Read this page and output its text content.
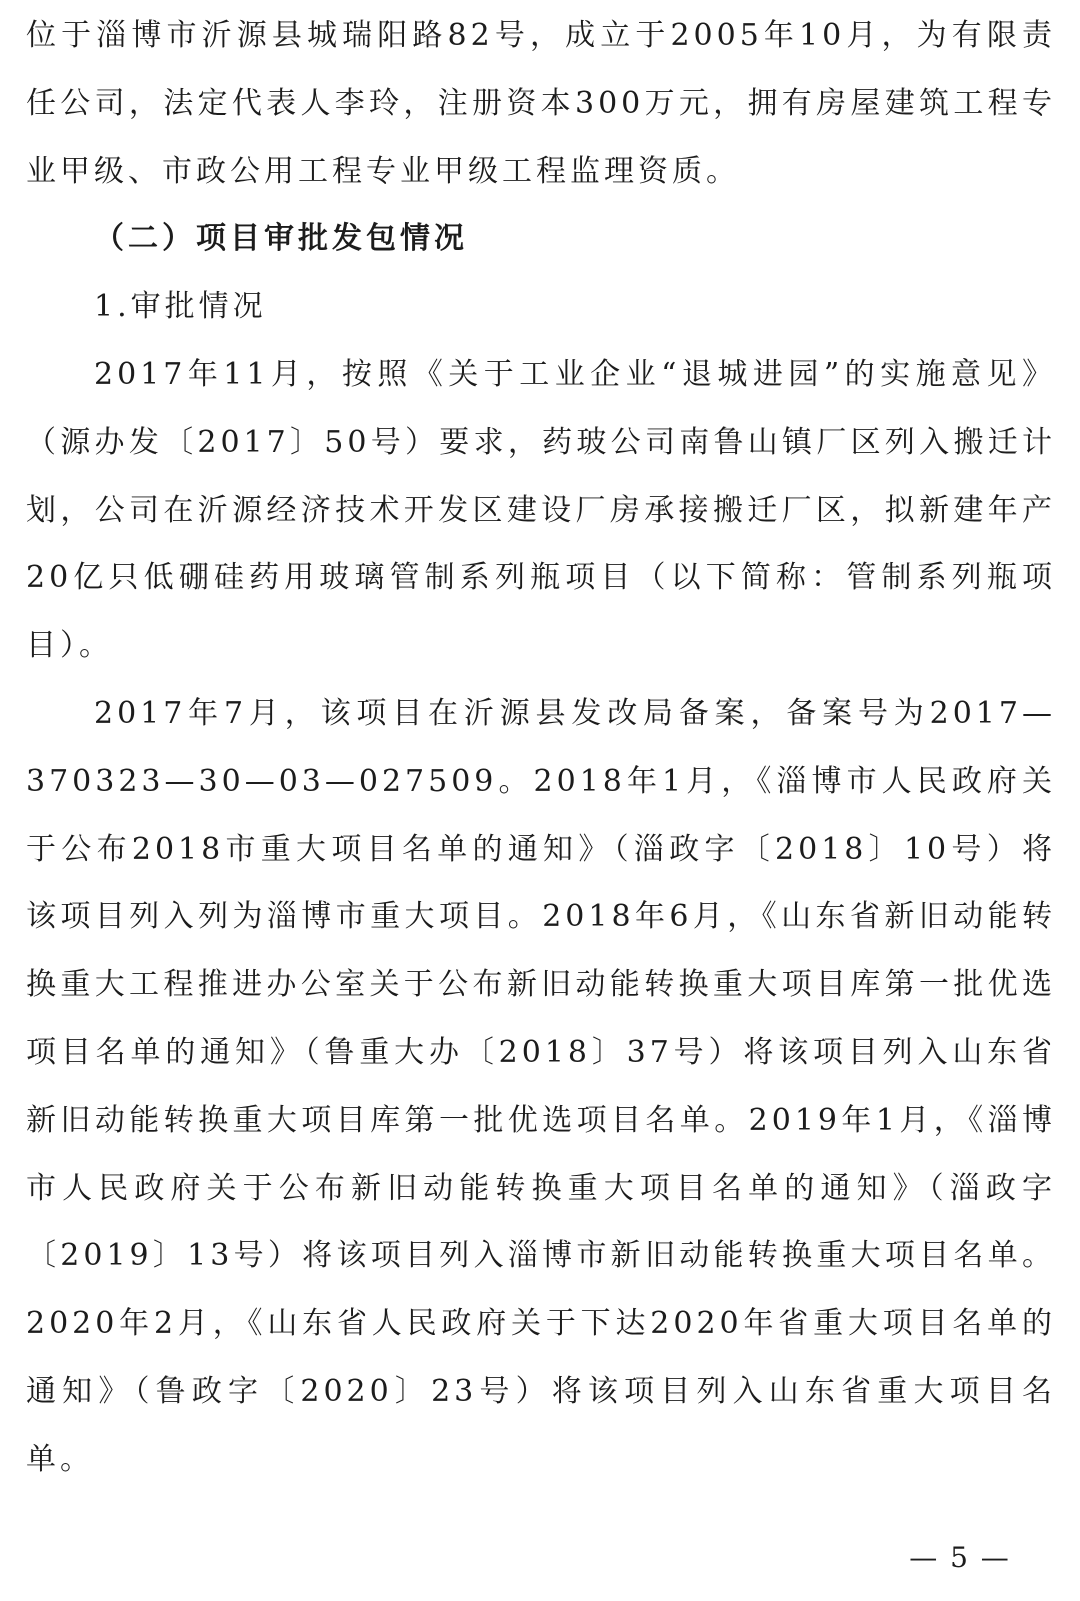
位于淄博市沂源县城瑞阳路82号，成立于2005年10月，为有限责任公司，法定代表人李玲，注册资本300万元，拥有房屋建筑工程专业甲级、市政公用工程专业甲级工程监理资质。

（二）项目审批发包情况

1.审批情况

2017年11月，按照《关于工业企业“退城进园”的实施意见》（源办发〔2017〕50号）要求，药玻公司南鲁山镇厂区列入搬迁计划，公司在沂源经济技术开发区建设厂房承接搬迁厂区，拟新建年产20亿只低硼硅药用玻璃管制系列瓶项目（以下简称：管制系列瓶项目）。

2017年7月，该项目在沂源县发改局备案，备案号为2017—370323—30—03—027509。2018年1月，《淄博市人民政府关于公布2018市重大项目名单的通知》（淄政字〔2018〕10号）将该项目列入列为淄博市重大项目。2018年6月，《山东省新旧动能转换重大工程推进办公室关于公布新旧动能转换重大项目库第一批优选项目名单的通知》（鲁重大办〔2018〕37号）将该项目列入山东省新旧动能转换重大项目库第一批优选项目名单。2019年1月，《淄博市人民政府关于公布新旧动能转换重大项目名单的通知》（淄政字〔2019〕13号）将该项目列入淄博市新旧动能转换重大项目名单。2020年2月，《山东省人民政府关于下达2020年省重大项目名单的通知》（鲁政字〔2020〕23号）将该项目列入山东省重大项目名单。

— 5 —
